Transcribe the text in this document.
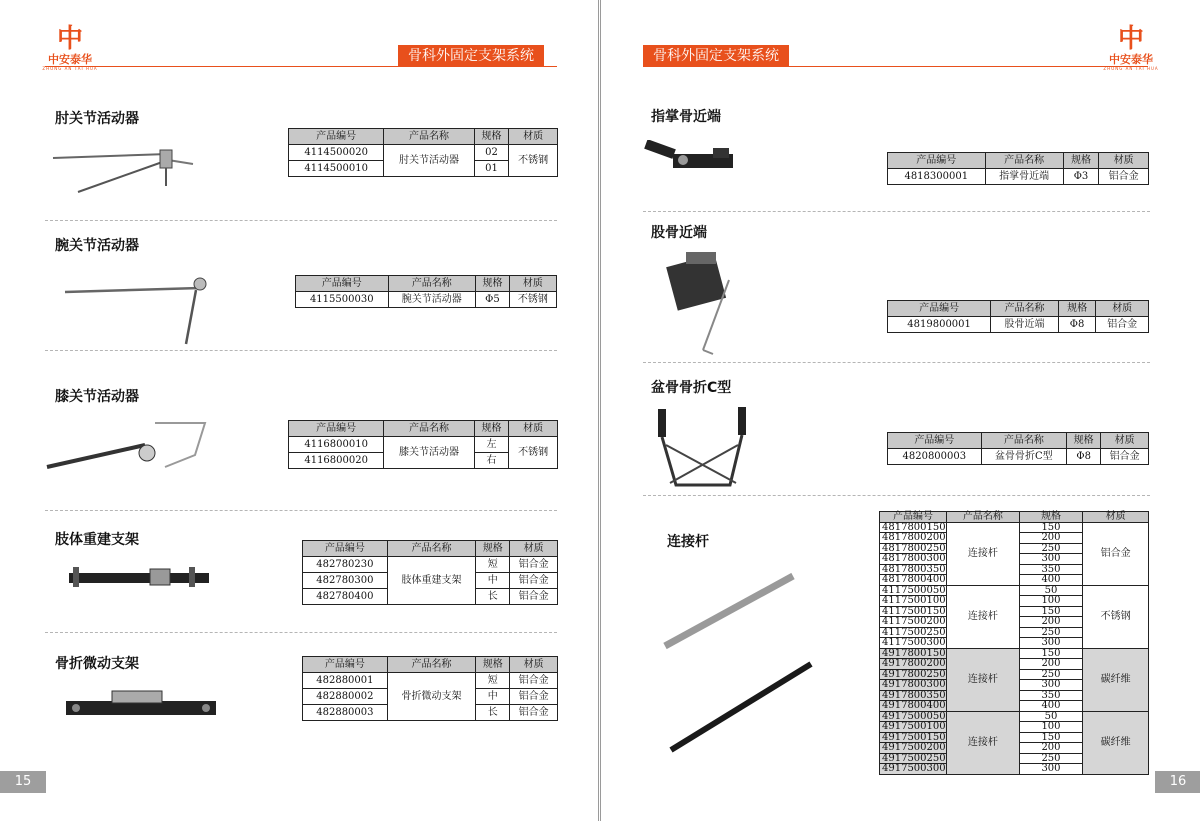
中
中安泰华
ZHONG AN TAI HUA
骨科外固定支架系统
肘关节活动器
产品编号	产品名称	规格	材质
4114500020	肘关节活动器	02	不锈钢
4114500010		01	
腕关节活动器
产品编号	产品名称	规格	材质
4115500030	腕关节活动器	Φ5	不锈钢
膝关节活动器
产品编号	产品名称	规格	材质
4116800010	膝关节活动器	左	不锈钢
4116800020		右	
肢体重建支架	产品编号	产品名称	规格	材质
482780230	肢体重建支架	短	铝合金
482780300		中	铝合金
482780400		长	铝合金
骨折微动支架	产品编号	产品名称	规格	材质
482880001	骨折微动支架	短	铝合金
482880002		中	铝合金
482880003		长	铝合金
15
骨科外固定支架系统
中
中安泰华
ZHONG AN TAI HUA
指掌骨近端
产品编号	产品名称	规格	材质
4818300001	指掌骨近端	Φ3	铝合金
股骨近端
产品编号	产品名称	规格	材质
4819800001	股骨近端	Φ8	铝合金
盆骨骨折C型
产品编号	产品名称	规格	材质
4820800003	盆骨骨折C型	Φ8	铝合金
连接杆
产品编号	产品名称	规格	材质
4817800150	连接杆	150	铝合金
4817800200		200	
4817800250		250	
4817800300		300	
4817800350		350	
4817800400		400	
4117500050	连接杆	50	不锈钢
4117500100		100	
4117500150		150	
4117500200		200	
4117500250		250	
4117500300		300	
4917800150	连接杆	150	碳纤维
4917800200		200	
4917800250		250	
4917800300		300	
4917800350		350	
4917800400		400	
4917500050	连接杆	50	碳纤维
4917500100		100	
4917500150		150	
4917500200		200	
4917500250		250	
4917500300		300	
16
